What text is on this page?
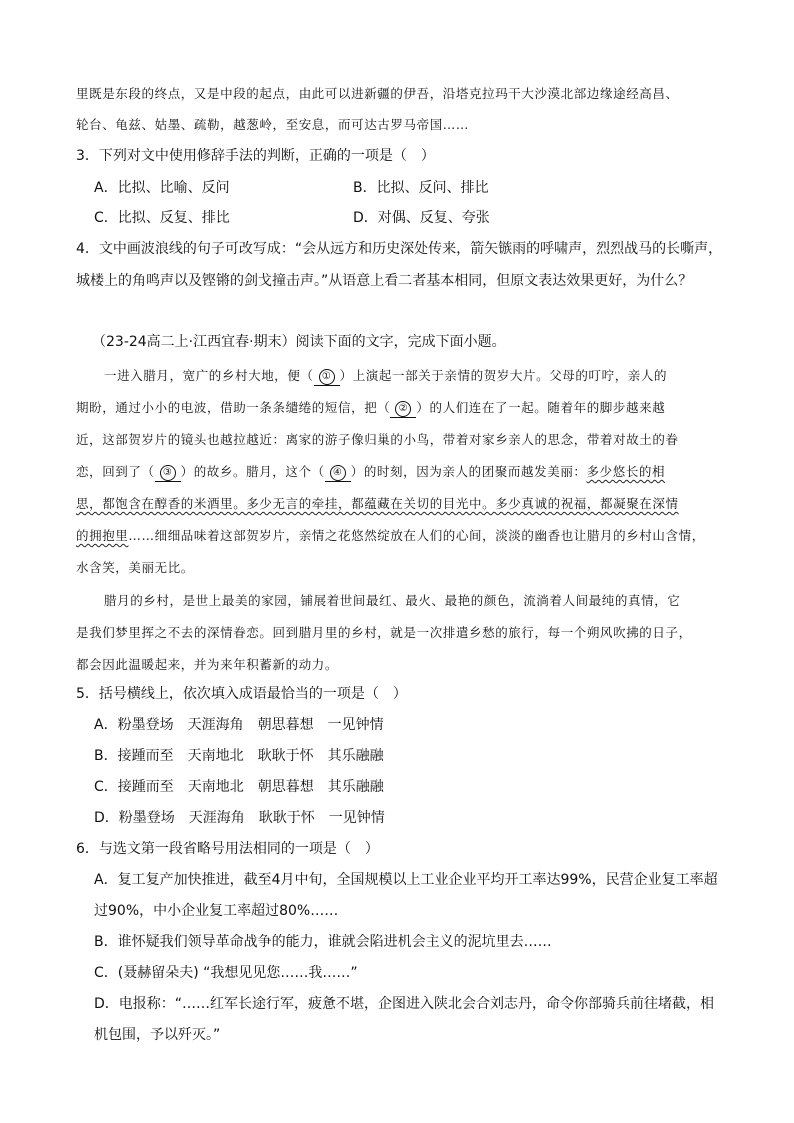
里既是东段的终点，又是中段的起点，由此可以进新疆的伊吾，沿塔克拉玛干大沙漠北部边缘途经高昌、
轮台、龟兹、姑墨、疏勒，越葱岭，至安息，而可达古罗马帝国……
3．下列对文中使用修辞手法的判断，正确的一项是（　）
A．比拟、比喻、反问	B．比拟、反问、排比
C．比拟、反复、排比	D．对偶、反复、夸张
4．文中画波浪线的句子可改写成：“会从远方和历史深处传来，箭矢镞雨的呼啸声，烈烈战马的长嘶声，
城楼上的角鸣声以及铿锵的剑戈撞击声。”从语意上看二者基本相同，但原文表达效果更好，为什么？
（23-24高二上·江西宜春·期末）阅读下面的文字，完成下面小题。
一进入腊月，宽广的乡村大地，便（ ① ）上演起一部关于亲情的贺岁大片。父母的叮咛，亲人的
期盼，通过小小的电波，借助一条条缱绻的短信，把（ ② ）的人们连在了一起。随着年的脚步越来越
近，这部贺岁片的镜头也越拉越近：离家的游子像归巢的小鸟，带着对家乡亲人的思念，带着对故土的眷
恋，回到了（ ③ ）的故乡。腊月，这个（ ④ ）的时刻，因为亲人的团聚而越发美丽：多少悠长的相
思，都饱含在醇香的米酒里。多少无言的牵挂，都蕴藏在关切的目光中。多少真诚的祝福，都凝聚在深情
的拥抱里……细细品味着这部贺岁片，亲情之花悠然绽放在人们的心间，淡淡的幽香也让腊月的乡村山含情，
水含笑，美丽无比。
腊月的乡村，是世上最美的家园，铺展着世间最红、最火、最艳的颜色，流淌着人间最纯的真情，它
是我们梦里挥之不去的深情眷恋。回到腊月里的乡村，就是一次排遣乡愁的旅行，每一个朔风吹拂的日子，
都会因此温暖起来，并为来年积蓄新的动力。
5．括号横线上，依次填入成语最恰当的一项是（　）
A．粉墨登场　天涯海角　朝思暮想　一见钟情
B．接踵而至　天南地北　耿耿于怀　其乐融融
C．接踵而至　天南地北　朝思暮想　其乐融融
D．粉墨登场　天涯海角　耿耿于怀　一见钟情
6．与选文第一段省略号用法相同的一项是（　）
A．复工复产加快推进，截至4月中旬，全国规模以上工业企业平均开工率达99%，民营企业复工率超
过90%，中小企业复工率超过80%……
B．谁怀疑我们领导革命战争的能力，谁就会陷进机会主义的泥坑里去……
C．(聂赫留朵夫) “我想见见您……我……”
D．电报称：“……红军长途行军，疲惫不堪，企图进入陕北会合刘志丹，命令你部骑兵前往堵截，相
机包围，予以歼灭。”
